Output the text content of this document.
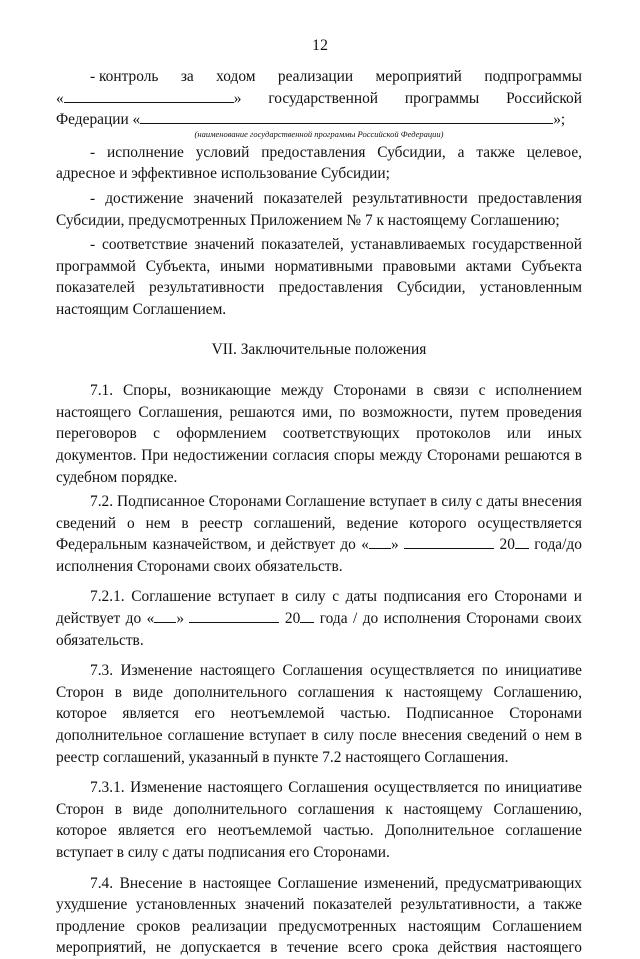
12
- контроль за ходом реализации мероприятий подпрограммы
«	» государственной программы Российской
Федерации «	»;
(наименование государственной программы Российской Федерации)

- исполнение условий предоставления Субсидии, а также целевое, адресное и эффективное использование Субсидии;

- достижение значений показателей результативности предоставления Субсидии, предусмотренных Приложением № 7 к настоящему Соглашению;

- соответствие значений показателей, устанавливаемых государственной программой Субъекта, иными нормативными правовыми актами Субъекта показателей результативности предоставления Субсидии, установленным настоящим Соглашением.

VII. Заключительные положения

7.1. Споры, возникающие между Сторонами в связи с исполнением настоящего Соглашения, решаются ими, по возможности, путем проведения переговоров с оформлением соответствующих протоколов или иных документов. При недостижении согласия споры между Сторонами решаются в судебном порядке.

7.2. Подписанное Сторонами Соглашение вступает в силу с даты внесения сведений о нем в реестр соглашений, ведение которого осуществляется Федеральным казначейством, и действует до « »	20 года/до исполнения Сторонами своих обязательств.

7.2.1. Соглашение вступает в силу с даты подписания его Сторонами и действует до « »	20 года / до исполнения Сторонами своих обязательств.

7.3. Изменение настоящего Соглашения осуществляется по инициативе Сторон в виде дополнительного соглашения к настоящему Соглашению, которое является его неотъемлемой частью. Подписанное Сторонами дополнительное соглашение вступает в силу после внесения сведений о нем в реестр соглашений, указанный в пункте 7.2 настоящего Соглашения.

7.3.1. Изменение настоящего Соглашения осуществляется по инициативе Сторон в виде дополнительного соглашения к настоящему Соглашению, которое является его неотъемлемой частью. Дополнительное соглашение вступает в силу с даты подписания его Сторонами.

7.4. Внесение в настоящее Соглашение изменений, предусматривающих ухудшение установленных значений показателей результативности, а также продление сроков реализации предусмотренных настоящим Соглашением мероприятий, не допускается в течение всего срока действия настоящего
